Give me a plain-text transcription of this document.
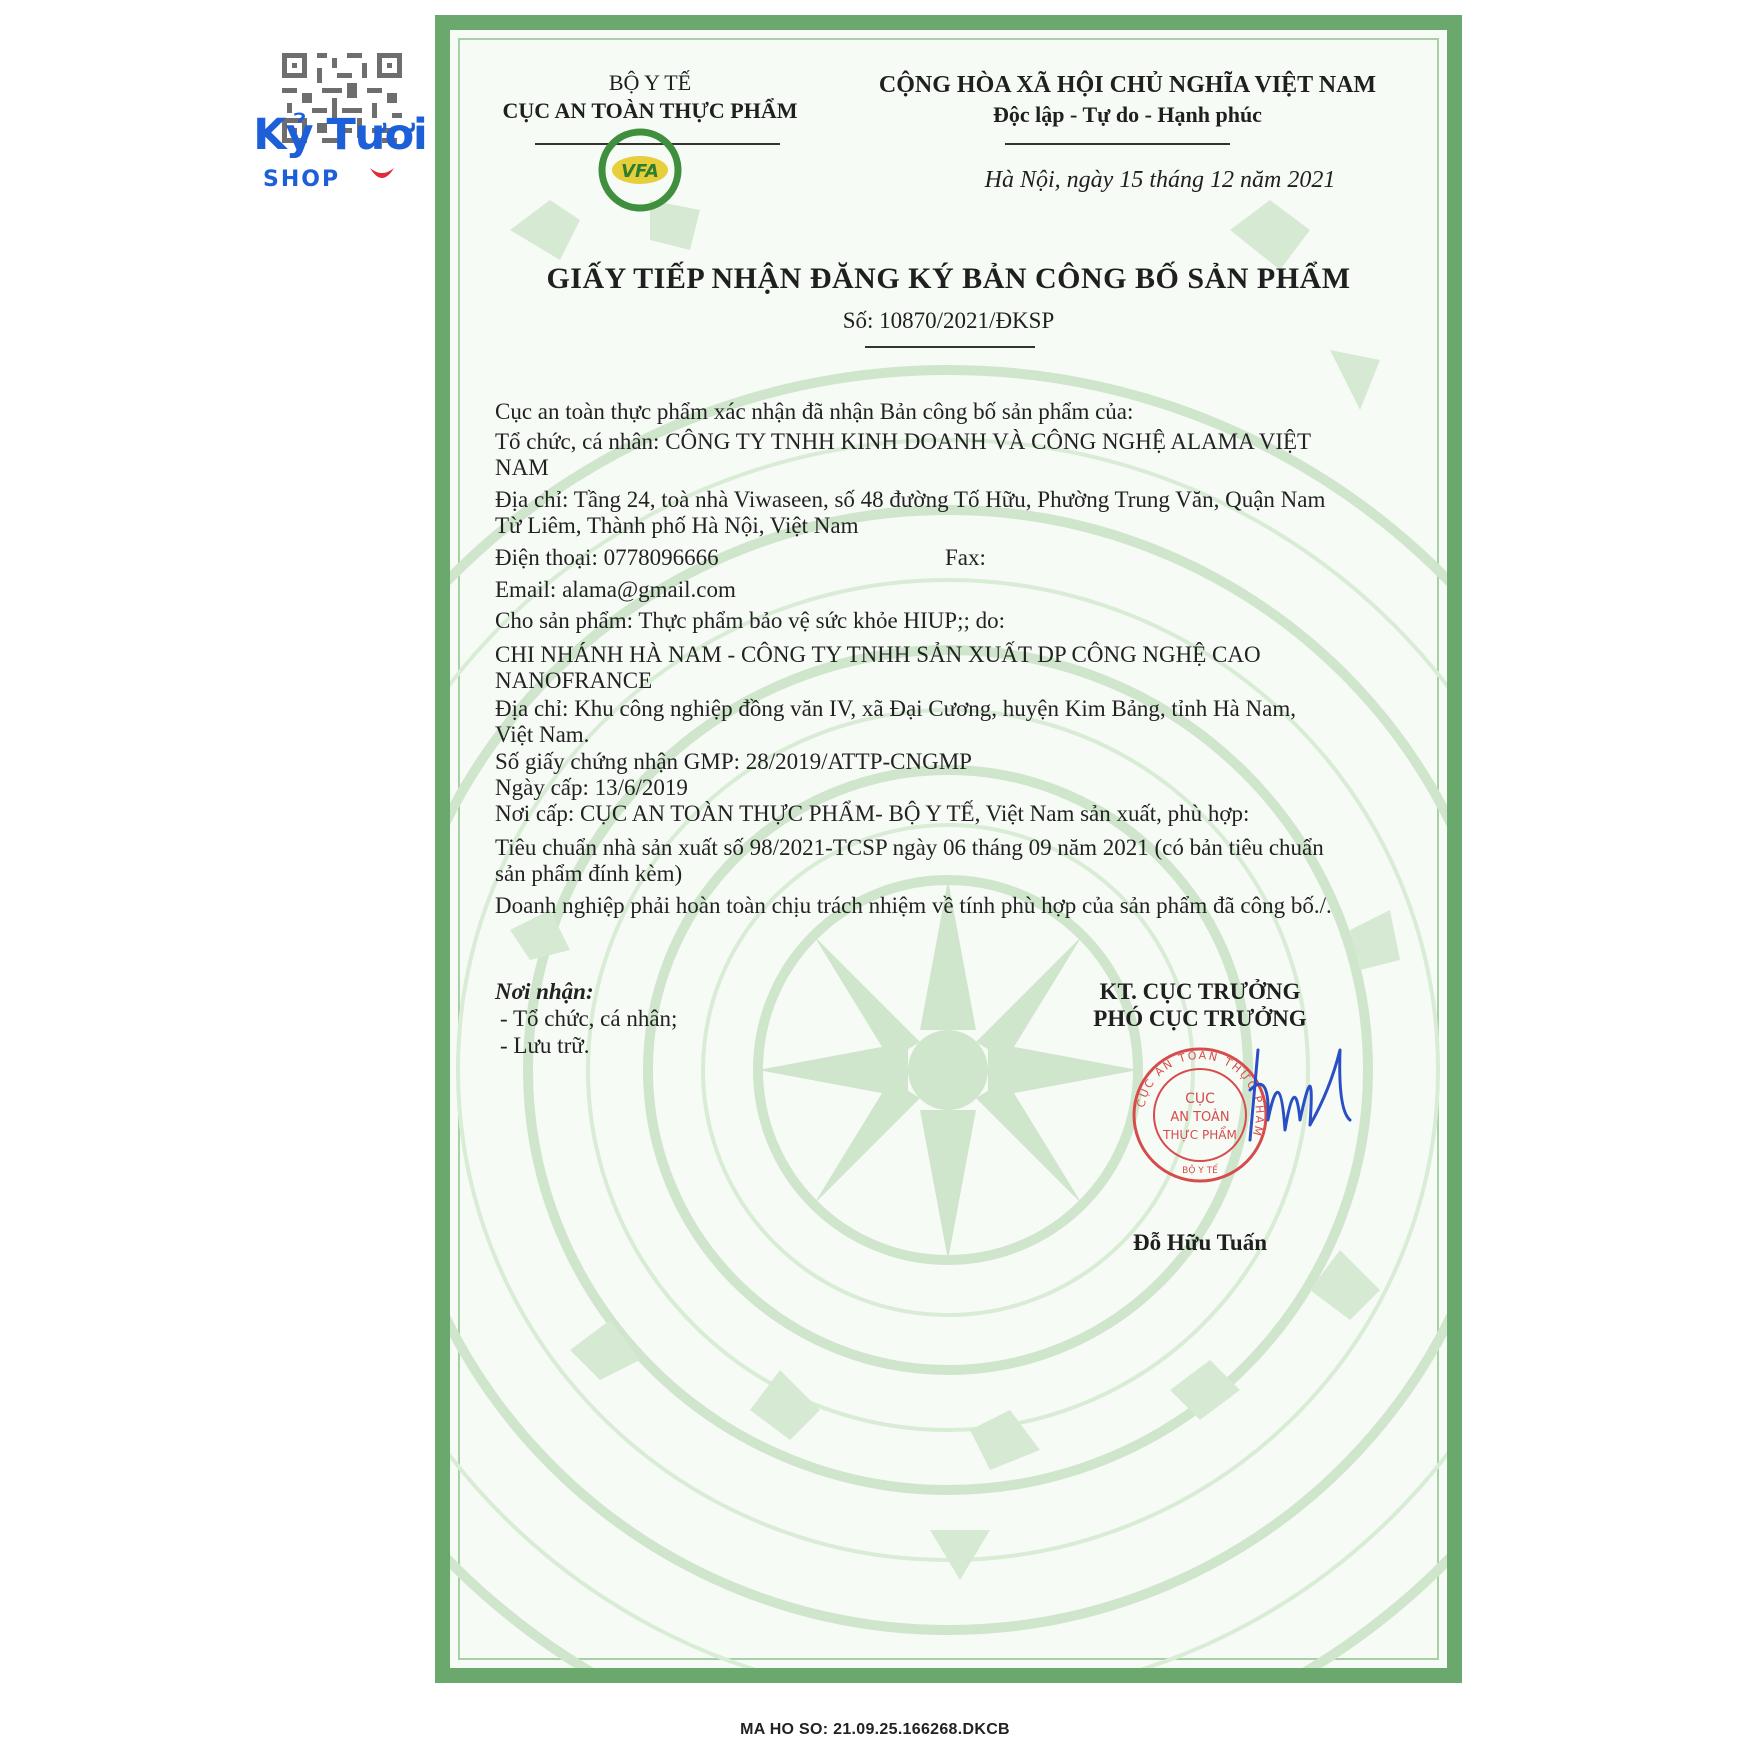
Kỷ Tươi
SHOP
BỘ Y TẾ
CỤC AN TOÀN THỰC PHẨM
VFA
CỘNG HÒA XÃ HỘI CHỦ NGHĨA VIỆT NAM
Độc lập - Tự do - Hạnh phúc
Hà Nội, ngày 15 tháng 12 năm 2021
GIẤY TIẾP NHẬN ĐĂNG KÝ BẢN CÔNG BỐ SẢN PHẨM
Số: 10870/2021/ĐKSP
Cục an toàn thực phẩm xác nhận đã nhận Bản công bố sản phẩm của:
Tổ chức, cá nhân: CÔNG TY TNHH KINH DOANH VÀ CÔNG NGHỆ ALAMA VIỆT
NAM
Địa chỉ: Tầng 24, toà nhà Viwaseen, số 48 đường Tố Hữu, Phường Trung Văn, Quận Nam
Từ Liêm, Thành phố Hà Nội, Việt Nam
Điện thoại: 0778096666	Fax:
Email: alama@gmail.com
Cho sản phẩm: Thực phẩm bảo vệ sức khỏe HIUP;; do:
CHI NHÁNH HÀ NAM - CÔNG TY TNHH SẢN XUẤT DP CÔNG NGHỆ CAO
NANOFRANCE
Địa chỉ: Khu công nghiệp đồng văn IV, xã Đại Cương, huyện Kim Bảng, tỉnh Hà Nam,
Việt Nam.
Số giấy chứng nhận GMP: 28/2019/ATTP-CNGMP
Ngày cấp: 13/6/2019
Nơi cấp: CỤC AN TOÀN THỰC PHẨM- BỘ Y TẾ, Việt Nam sản xuất, phù hợp:
Tiêu chuẩn nhà sản xuất số 98/2021-TCSP ngày 06 tháng 09 năm 2021 (có bản tiêu chuẩn
sản phẩm đính kèm)
Doanh nghiệp phải hoàn toàn chịu trách nhiệm về tính phù hợp của sản phẩm đã công bố./.
Nơi nhận:
- Tổ chức, cá nhân;
- Lưu trữ.
KT. CỤC TRƯỞNG
PHÓ CỤC TRƯỞNG
CỤC AN TOÀN THỰC PHẨM
CỤC
AN TOÀN
THỰC PHẨM
BỘ Y TẾ
Đỗ Hữu Tuấn
MA HO SO: 21.09.25.166268.DKCB
